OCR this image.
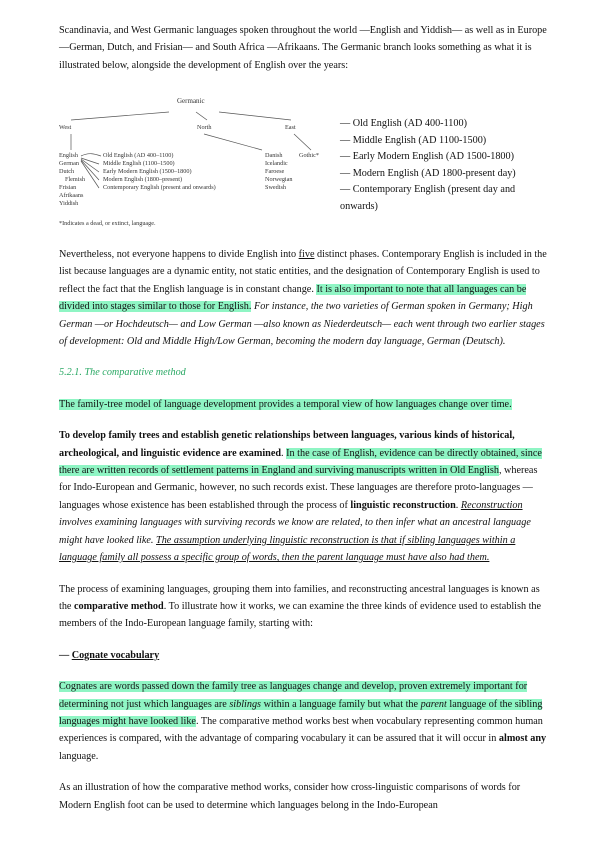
Scandinavia, and West Germanic languages spoken throughout the world —English and Yiddish— as well as in Europe —German, Dutch, and Frisian— and South Africa —Afrikaans. The Germanic branch looks something as what it is illustrated below, alongside the development of English over the years:

Germanic
West	North	East
English
German
Dutch
Flemish
Frisian
Afrikaans
Yiddish
Old English (AD 400–1100)
Middle English (1100–1500)
Early Modern English (1500–1800)
Modern English (1800–present)
Contemporary English (present and onwards)
Danish
Icelandic
Faroese
Norwegian
Swedish
Gothic*
*Indicates a dead, or extinct, language.
— Old English (AD 400-1100)
— Middle English (AD 1100-1500)
— Early Modern English (AD 1500-1800)
— Modern English (AD 1800-present day)
— Contemporary English (present day and
onwards)

Nevertheless, not everyone happens to divide English into five distinct phases. Contemporary English is included in the list because languages are a dynamic entity, not static entities, and the designation of Contemporary English is used to reflect the fact that the English language is in constant change. It is also important to note that all languages can be divided into stages similar to those for English. For instance, the two varieties of German spoken in Germany; High German —or Hochdeutsch— and Low German —also known as Niederdeutsch— each went through two earlier stages of development: Old and Middle High/Low German, becoming the modern day language, German (Deutsch).

5.2.1. The comparative method

The family-tree model of language development provides a temporal view of how languages change over time.

To develop family trees and establish genetic relationships between languages, various kinds of historical, archeological, and linguistic evidence are examined. In the case of English, evidence can be directly obtained, since there are written records of settlement patterns in England and surviving manuscripts written in Old English, whereas for Indo-European and Germanic, however, no such records exist. These languages are therefore proto-languages —languages whose existence has been established through the process of linguistic reconstruction. Reconstruction involves examining languages with surviving records we know are related, to then infer what an ancestral language might have looked like. The assumption underlying linguistic reconstruction is that if sibling languages within a language family all possess a specific group of words, then the parent language must have also had them.

The process of examining languages, grouping them into families, and reconstructing ancestral languages is known as the comparative method. To illustrate how it works, we can examine the three kinds of evidence used to establish the members of the Indo-European language family, starting with:

— Cognate vocabulary

Cognates are words passed down the family tree as languages change and develop, proven extremely important for determining not just which languages are siblings within a language family but what the parent language of the sibling languages might have looked like. The comparative method works best when vocabulary representing common human experiences is compared, with the advantage of comparing vocabulary it can be assured that it will occur in almost any language.

As an illustration of how the comparative method works, consider how cross-linguistic comparisons of words for Modern English foot can be used to determine which languages belong in the Indo-European
